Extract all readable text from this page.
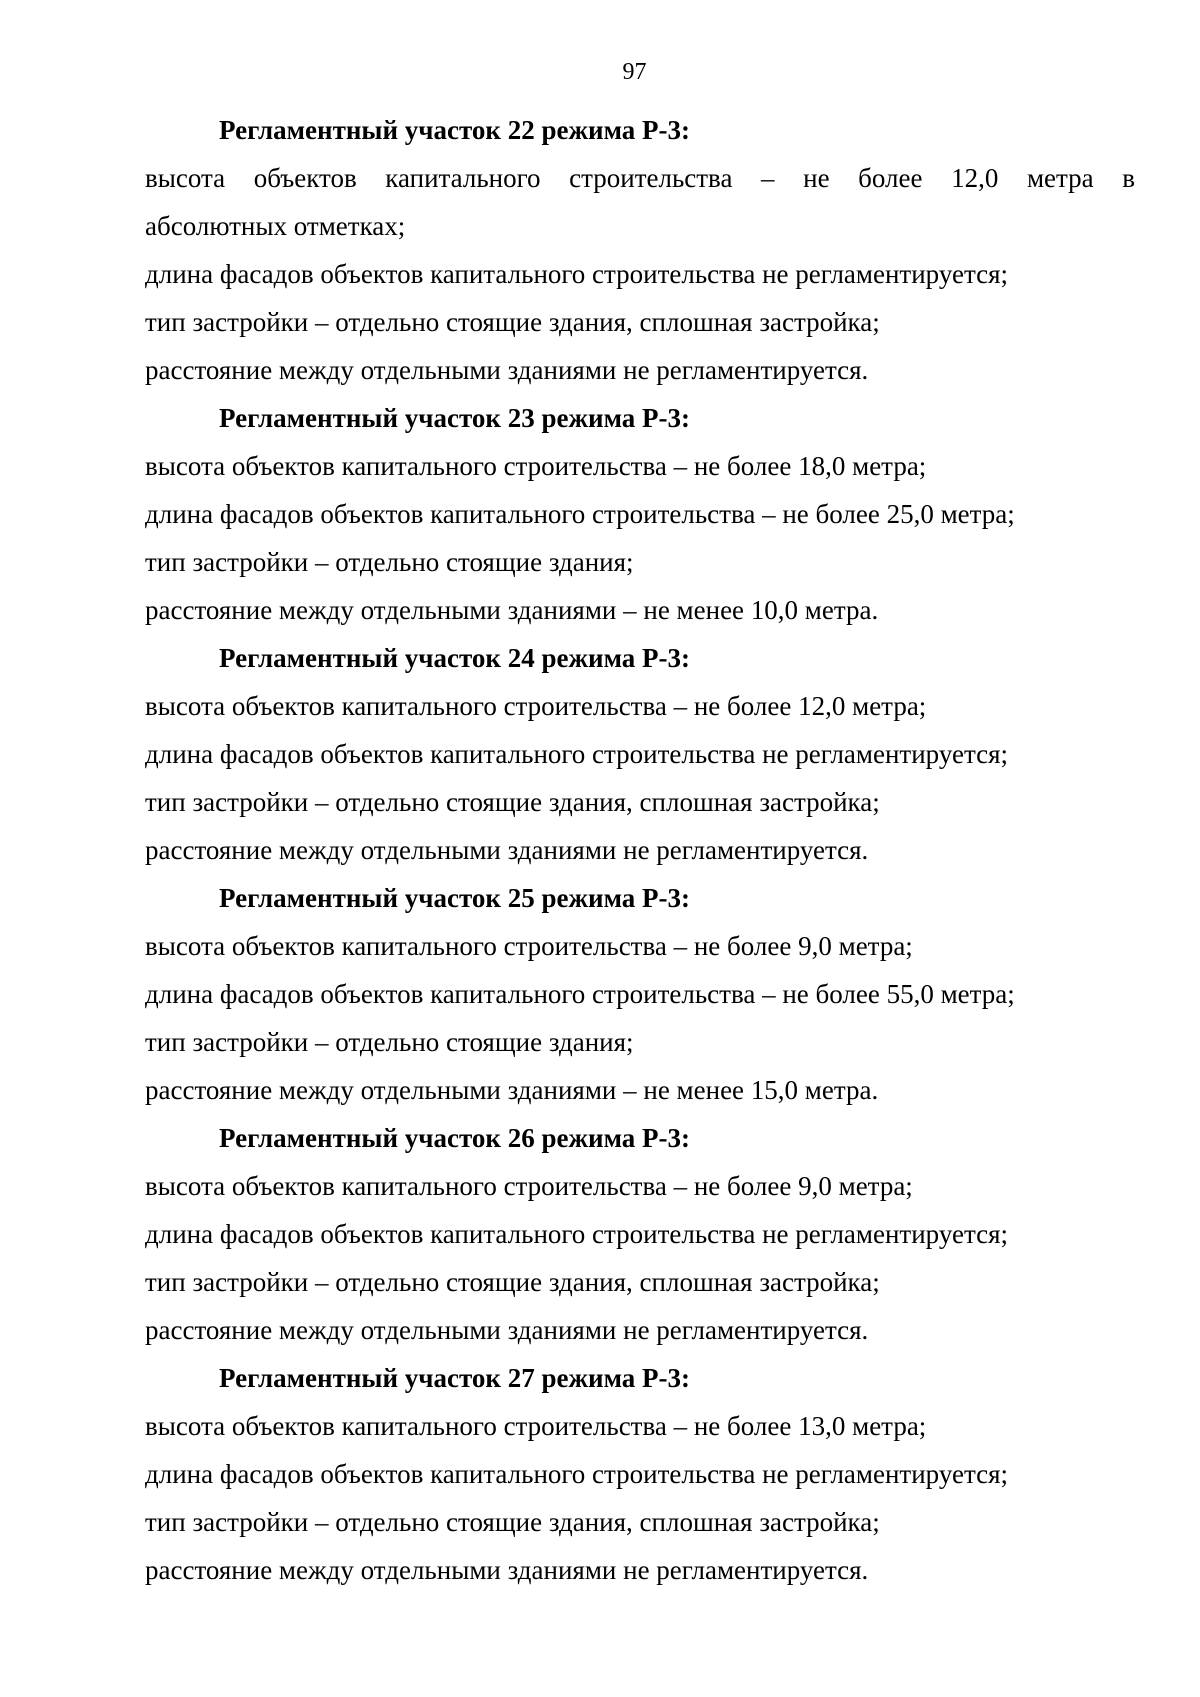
97

Регламентный участок 22 режима Р-3:

высота объектов капитального строительства – не более 12,0 метра в

абсолютных отметках;

длина фасадов объектов капитального строительства не регламентируется;

тип застройки – отдельно стоящие здания, сплошная застройка;

расстояние между отдельными зданиями не регламентируется.

Регламентный участок 23 режима Р-3:

высота объектов капитального строительства – не более 18,0 метра;

длина фасадов объектов капитального строительства – не более 25,0 метра;

тип застройки – отдельно стоящие здания;

расстояние между отдельными зданиями – не менее 10,0 метра.

Регламентный участок 24 режима Р-3:

высота объектов капитального строительства – не более 12,0 метра;

длина фасадов объектов капитального строительства не регламентируется;

тип застройки – отдельно стоящие здания, сплошная застройка;

расстояние между отдельными зданиями не регламентируется.

Регламентный участок 25 режима Р-3:

высота объектов капитального строительства – не более 9,0 метра;

длина фасадов объектов капитального строительства – не более 55,0 метра;

тип застройки – отдельно стоящие здания;

расстояние между отдельными зданиями – не менее 15,0 метра.

Регламентный участок 26 режима Р-3:

высота объектов капитального строительства – не более 9,0 метра;

длина фасадов объектов капитального строительства не регламентируется;

тип застройки – отдельно стоящие здания, сплошная застройка;

расстояние между отдельными зданиями не регламентируется.

Регламентный участок 27 режима Р-3:

высота объектов капитального строительства – не более 13,0 метра;

длина фасадов объектов капитального строительства не регламентируется;

тип застройки – отдельно стоящие здания, сплошная застройка;

расстояние между отдельными зданиями не регламентируется.
